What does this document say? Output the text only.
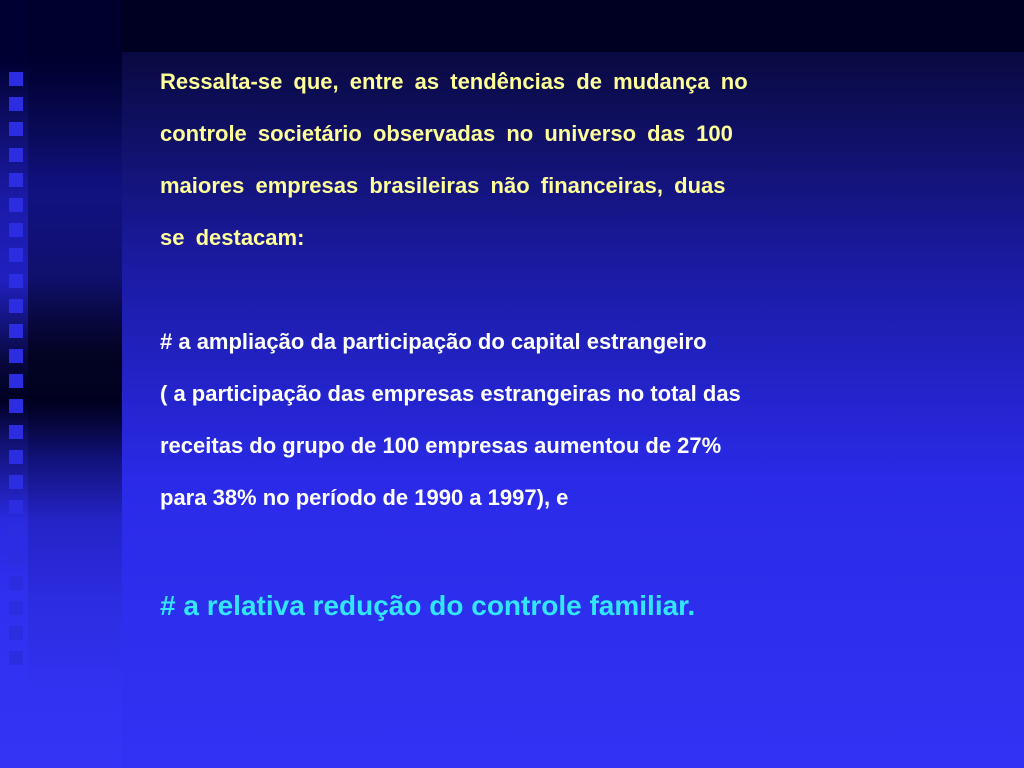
Ressalta-se que, entre as tendências de mudança no
controle societário observadas no universo das 100
maiores empresas brasileiras não financeiras, duas
se destacam:

# a ampliação da participação do capital estrangeiro
( a participação das empresas estrangeiras no total das
receitas do grupo de 100 empresas aumentou de 27%
para 38% no período de 1990 a 1997), e

# a relativa redução do controle familiar.
